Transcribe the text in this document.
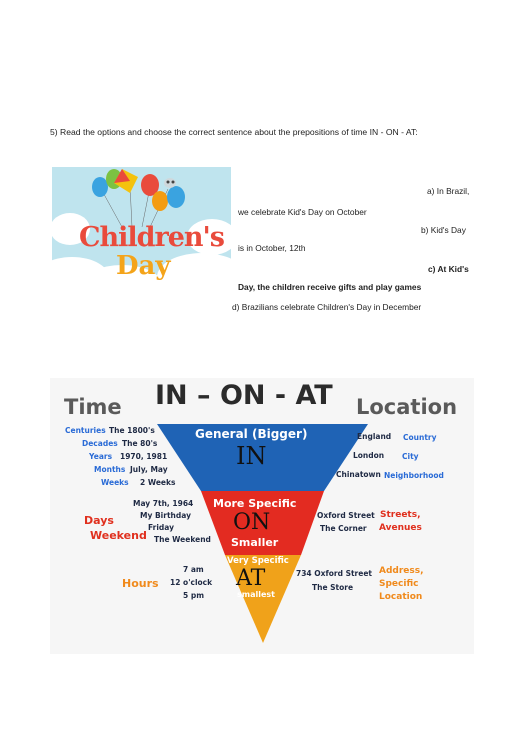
5) Read the options and choose the correct sentence about the prepositions of time IN - ON - AT:
Children's
Day
a) In Brazil,
we celebrate Kid's Day on October
b) Kid's Day
is in October, 12th
c) At Kid's
Day, the children receive gifts and play games
d) Brazilians celebrate Children's Day in December
IN – ON - AT
Time	Location
General (Bigger)
IN
Centuries
Decades
Years
Months
Weeks
The 1800's
The 80's
1970, 1981
July, May
2 Weeks
England
London
Chinatown
Country
City
Neighborhood
More Specific
ON
Smaller
May 7th, 1964
My Birthday
Friday
The Weekend
Days
Weekend
Oxford Street
The Corner
Streets,
Avenues
Very Specific
AT
smallest
7 am
12 o'clock
5 pm
Hours
734 Oxford Street
The Store
Address,
Specific
Location
